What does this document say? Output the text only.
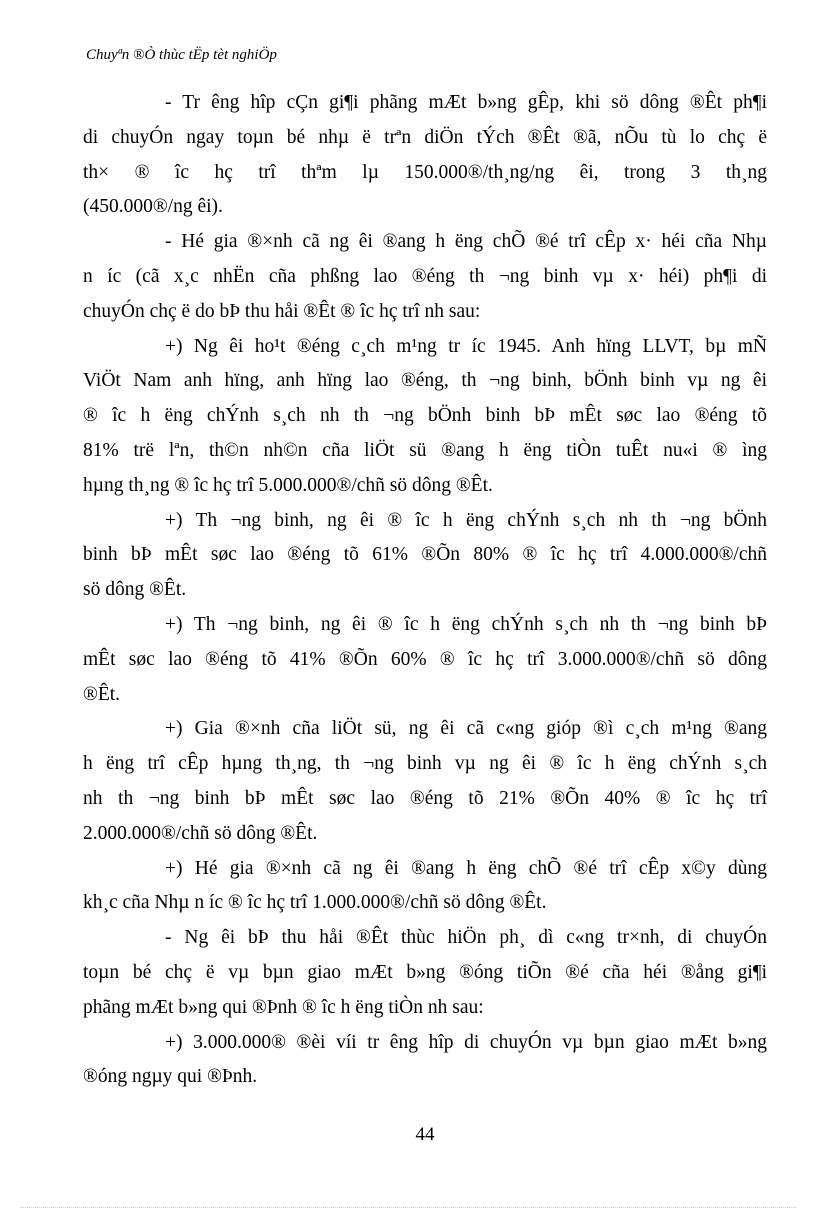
Chuyªn ®Ò thùc tËp tèt nghiÖp
- Tr êng hîp cÇn gi¶i phãng mÆt b»ng gÊp, khi sö dông ®Êt ph¶i
di chuyÓn ngay toµn bé nhµ ë trªn diÖn tÝch ®Êt ®ã, nÕu tù lo chç ë
th× ® îc hç trî thªm lµ 150.000®/th¸ng/ng êi, trong 3 th¸ng
(450.000®/ng êi).
- Hé gia ®×nh cã ng êi ®ang h ëng chÕ ®é trî cÊp x· héi cña Nhµ
n íc (cã x¸c nhËn cña phßng lao ®éng th ¬ng binh vµ x· héi) ph¶i di
chuyÓn chç ë do bÞ thu håi ®Êt ® îc hç trî nh sau:
+) Ng êi ho¹t ®éng c¸ch m¹ng tr íc 1945. Anh hïng LLVT, bµ mÑ
ViÖt Nam anh hïng, anh hïng lao ®éng, th ¬ng binh, bÖnh binh vµ ng êi
® îc h ëng chÝnh s¸ch nh th ¬ng bÖnh binh bÞ mÊt søc lao ®éng tõ
81% trë lªn, th©n nh©n cña liÖt sü ®ang h ëng tiÒn tuÊt nu«i ® ìng
hµng th¸ng ® îc hç trî 5.000.000®/chñ sö dông ®Êt.
+) Th ¬ng binh, ng êi ® îc h ëng chÝnh s¸ch nh th ¬ng bÖnh
binh bÞ mÊt søc lao ®éng tõ 61% ®Õn 80% ® îc hç trî 4.000.000®/chñ
sö dông ®Êt.
+) Th ¬ng binh, ng êi ® îc h ëng chÝnh s¸ch nh th ¬ng binh bÞ
mÊt søc lao ®éng tõ 41% ®Õn 60% ® îc hç trî 3.000.000®/chñ sö dông
®Êt.
+) Gia ®×nh cña liÖt sü, ng êi cã c«ng gióp ®ì c¸ch m¹ng ®ang
h ëng trî cÊp hµng th¸ng, th ¬ng binh vµ ng êi ® îc h ëng chÝnh s¸ch
nh th ¬ng binh bÞ mÊt søc lao ®éng tõ 21% ®Õn 40% ® îc hç trî
2.000.000®/chñ sö dông ®Êt.
+) Hé gia ®×nh cã ng êi ®ang h ëng chÕ ®é trî cÊp x©y dùng
kh¸c cña Nhµ n íc ® îc hç trî 1.000.000®/chñ sö dông ®Êt.
- Ng êi bÞ thu håi ®Êt thùc hiÖn ph¸ dì c«ng tr×nh, di chuyÓn
toµn bé chç ë vµ bµn giao mÆt b»ng ®óng tiÕn ®é cña héi ®ång gi¶i
phãng mÆt b»ng qui ®Þnh ® îc h ëng tiÒn nh sau:
+) 3.000.000® ®èi víi tr êng hîp di chuyÓn vµ bµn giao mÆt b»ng
®óng ngµy qui ®Þnh.
44
